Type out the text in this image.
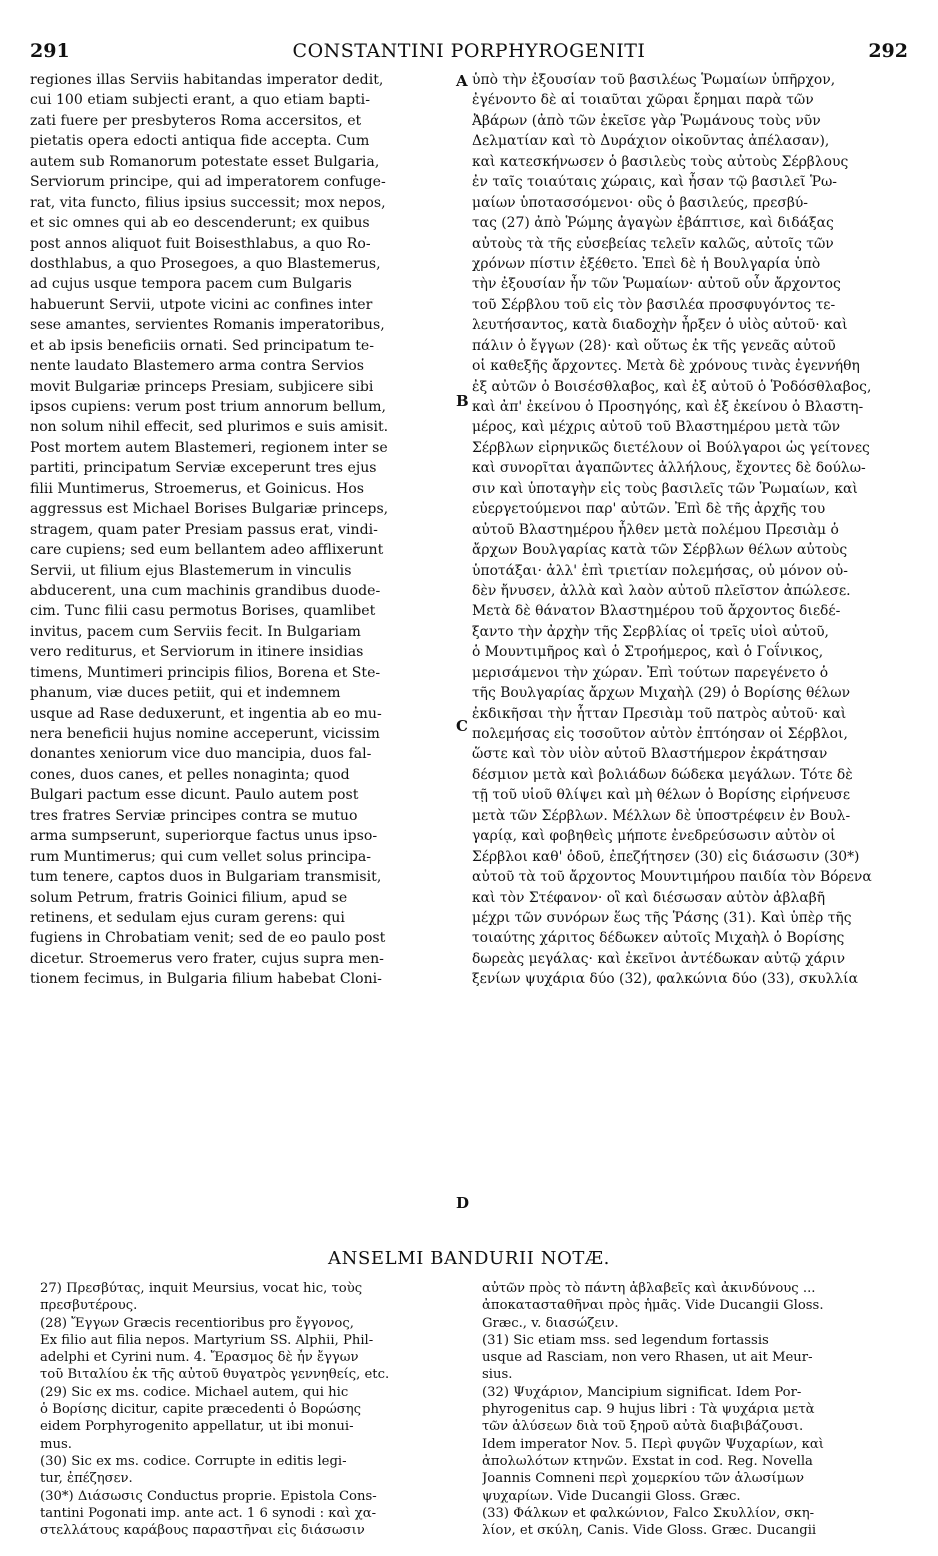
291	CONSTANTINI PORPHYROGENITI	292
regiones illas Serviis habitandas imperator dedit,
cui 100 etiam subjecti erant, a quo etiam bapti-
zati fuere per presbyteros Roma accersitos, et
pietatis opera edocti antiqua fide accepta. Cum
autem sub Romanorum potestate esset Bulgaria,
Serviorum principe, qui ad imperatorem confuge-
rat, vita functo, filius ipsius successit; mox nepos,
et sic omnes qui ab eo descenderunt; ex quibus
post annos aliquot fuit Boisesthlabus, a quo Ro-
dosthlabus, a quo Prosegoes, a quo Blastemerus,
ad cujus usque tempora pacem cum Bulgaris
habuerunt Servii, utpote vicini ac confines inter
sese amantes, servientes Romanis imperatoribus,
et ab ipsis beneficiis ornati. Sed principatum te-
nente laudato Blastemero arma contra Servios
movit Bulgariæ princeps Presiam, subjicere sibi
ipsos cupiens: verum post trium annorum bellum,
non solum nihil effecit, sed plurimos e suis amisit.
Post mortem autem Blastemeri, regionem inter se
partiti, principatum Serviæ exceperunt tres ejus
filii Muntimerus, Stroemerus, et Goinicus. Hos
aggressus est Michael Borises Bulgariæ princeps,
stragem, quam pater Presiam passus erat, vindi-
care cupiens; sed eum bellantem adeo afflixerunt
Servii, ut filium ejus Blastemerum in vinculis
abducerent, una cum machinis grandibus duode-
cim. Tunc filii casu permotus Borises, quamlibet
invitus, pacem cum Serviis fecit. In Bulgariam
vero rediturus, et Serviorum in itinere insidias
timens, Muntimeri principis filios, Borena et Ste-
phanum, viæ duces petiit, qui et indemnem
usque ad Rase deduxerunt, et ingentia ab eo mu-
nera beneficii hujus nomine acceperunt, vicissim
donantes xeniorum vice duo mancipia, duos fal-
cones, duos canes, et pelles nonaginta; quod
Bulgari pactum esse dicunt. Paulo autem post
tres fratres Serviæ principes contra se mutuo
arma sumpserunt, superiorque factus unus ipso-
rum Muntimerus; qui cum vellet solus principa-
tum tenere, captos duos in Bulgariam transmisit,
solum Petrum, fratris Goinici filium, apud se
retinens, et sedulam ejus curam gerens: qui
fugiens in Chrobatiam venit; sed de eo paulo post
dicetur. Stroemerus vero frater, cujus supra men-
tionem fecimus, in Bulgaria filium habebat Cloni-
ὑπὸ τὴν ἐξουσίαν τοῦ βασιλέως Ῥωμαίων ὑπῆρχον,
ἐγένοντο δὲ αἱ τοιαῦται χῶραι ἔρημαι παρὰ τῶν
Ἀβάρων (ἀπὸ τῶν ἐκεῖσε γὰρ Ῥωμάνους τοὺς νῦν
Δελματίαν καὶ τὸ Δυράχιον οἰκοῦντας ἀπέλασαν),
καὶ κατεσκήνωσεν ὁ βασιλεὺς τοὺς αὐτοὺς Σέρβλους
ἐν ταῖς τοιαύταις χώραις, καὶ ἦσαν τῷ βασιλεῖ Ῥω-
μαίων ὑποτασσόμενοι· οὓς ὁ βασιλεύς, πρεσβύ-
τας (27) ἀπὸ Ῥώμης ἀγαγὼν ἐβάπτισε, καὶ διδάξας
αὐτοὺς τὰ τῆς εὐσεβείας τελεῖν καλῶς, αὐτοῖς τῶν
χρόνων πίστιν ἐξέθετο. Ἐπεὶ δὲ ἡ Βουλγαρία ὑπὸ
τὴν ἐξουσίαν ἦν τῶν Ῥωμαίων· αὐτοῦ οὖν ἄρχοντος
τοῦ Σέρβλου τοῦ εἰς τὸν βασιλέα προσφυγόντος τε-
λευτήσαντος, κατὰ διαδοχὴν ἦρξεν ὁ υἱὸς αὐτοῦ· καὶ
πάλιν ὁ ἔγγων (28)· καὶ οὕτως ἐκ τῆς γενεᾶς αὐτοῦ
οἱ καθεξῆς ἄρχοντες. Μετὰ δὲ χρόνους τινὰς ἐγεννήθη
ἐξ αὐτῶν ὁ Βοισέσθλαβος, καὶ ἐξ αὐτοῦ ὁ Ῥοδόσθλαβος,
καὶ ἀπ' ἐκείνου ὁ Προσηγόης, καὶ ἐξ ἐκείνου ὁ Βλαστη-
μέρος, καὶ μέχρις αὐτοῦ τοῦ Βλαστημέρου μετὰ τῶν
Σέρβλων εἰρηνικῶς διετέλουν οἱ Βούλγαροι ὡς γείτονες
καὶ συνορῖται ἀγαπῶντες ἀλλήλους, ἔχοντες δὲ δούλω-
σιν καὶ ὑποταγὴν εἰς τοὺς βασιλεῖς τῶν Ῥωμαίων, καὶ
εὐεργετούμενοι παρ' αὐτῶν. Ἐπὶ δὲ τῆς ἀρχῆς του
αὐτοῦ Βλαστημέρου ἦλθεν μετὰ πολέμου Πρεσιὰμ ὁ
ἄρχων Βουλγαρίας κατὰ τῶν Σέρβλων θέλων αὐτοὺς
ὑποτάξαι· ἀλλ' ἐπὶ τριετίαν πολεμήσας, οὐ μόνον οὐ-
δὲν ἤνυσεν, ἀλλὰ καὶ λαὸν αὐτοῦ πλεῖστον ἀπώλεσε.
Μετὰ δὲ θάνατον Βλαστημέρου τοῦ ἄρχοντος διεδέ-
ξαντο τὴν ἀρχὴν τῆς Σερβλίας οἱ τρεῖς υἱοὶ αὐτοῦ,
ὁ Μουντιμῆρος καὶ ὁ Στροήμερος, καὶ ὁ Γοΐνικος,
μερισάμενοι τὴν χώραν. Ἐπὶ τούτων παρεγένετο ὁ
τῆς Βουλγαρίας ἄρχων Μιχαὴλ (29) ὁ Βορίσης θέλων
ἐκδικῆσαι τὴν ἧτταν Πρεσιὰμ τοῦ πατρὸς αὐτοῦ· καὶ
πολεμήσας εἰς τοσοῦτον αὐτὸν ἐπτόησαν οἱ Σέρβλοι,
ὥστε καὶ τὸν υἱὸν αὐτοῦ Βλαστήμερον ἐκράτησαν
δέσμιον μετὰ καὶ βολιάδων δώδεκα μεγάλων. Τότε δὲ
τῇ τοῦ υἱοῦ θλίψει καὶ μὴ θέλων ὁ Βορίσης εἰρήνευσε
μετὰ τῶν Σέρβλων. Μέλλων δὲ ὑποστρέφειν ἐν Βουλ-
γαρίᾳ, καὶ φοβηθεὶς μήποτε ἐνεδρεύσωσιν αὐτὸν οἱ
Σέρβλοι καθ' ὁδοῦ, ἐπεζήτησεν (30) εἰς διάσωσιν (30*)
αὐτοῦ τὰ τοῦ ἄρχοντος Μουντιμήρου παιδία τὸν Βόρενα
καὶ τὸν Στέφανον· οἳ καὶ διέσωσαν αὐτὸν ἀβλαβῆ
μέχρι τῶν συνόρων ἕως τῆς Ῥάσης (31). Καὶ ὑπὲρ τῆς
τοιαύτης χάριτος δέδωκεν αὐτοῖς Μιχαὴλ ὁ Βορίσης
δωρεὰς μεγάλας· καὶ ἐκεῖνοι ἀντέδωκαν αὐτῷ χάριν
ξενίων ψυχάρια δύο (32), φαλκώνια δύο (33), σκυλλία
A
B
C
D
ANSELMI BANDURII NOTÆ.
27) Πρεσβύτας, inquit Meursius, vocat hic, τοὺς
πρεσβυτέρους.
(28) Ἔγγων Græcis recentioribus pro ἔγγονος,
Ex filio aut filia nepos. Martyrium SS. Alphii, Phil-
adelphi et Cyrini num. 4. Ἔρασμος δὲ ἦν ἔγγων
τοῦ Βιταλίου ἐκ τῆς αὐτοῦ θυγατρὸς γεννηθείς, etc.
(29) Sic ex ms. codice. Michael autem, qui hic
ὁ Βορίσης dicitur, capite præcedenti ὁ Βορώσης
eidem Porphyrogenito appellatur, ut ibi monui-
mus.
(30) Sic ex ms. codice. Corrupte in editis legi-
tur, ἐπέζησεν.
(30*) Διάσωσις Conductus proprie. Epistola Cons-
tantini Pogonati imp. ante act. 1 6 synodi : καὶ χα-
στελλάτους καράβους παραστῆναι εἰς διάσωσιν
αὐτῶν πρὸς τὸ πάντη ἀβλαβεῖς καὶ ἀκινδύνους ...
ἀποκατασταθῆναι πρὸς ἡμᾶς. Vide Ducangii Gloss.
Græc., v. διασώζειν.
(31) Sic etiam mss. sed legendum fortassis
usque ad Rasciam, non vero Rhasen, ut ait Meur-
sius.
(32) Ψυχάριον, Mancipium significat. Idem Por-
phyrogenitus cap. 9 hujus libri : Τὰ ψυχάρια μετὰ
τῶν ἁλύσεων διὰ τοῦ ξηροῦ αὐτὰ διαβιβάζουσι.
Idem imperator Nov. 5. Περὶ φυγῶν Ψυχαρίων, καὶ
ἀπολωλότων κτηνῶν. Exstat in cod. Reg. Novella
Joannis Comneni περὶ χομερκίου τῶν ἁλωσίμων
ψυχαρίων. Vide Ducangii Gloss. Græc.
(33) Φάλκων et φαλκώνιον, Falco Σκυλλίον, σκη-
λίον, et σκύλη, Canis. Vide Gloss. Græc. Ducangii
